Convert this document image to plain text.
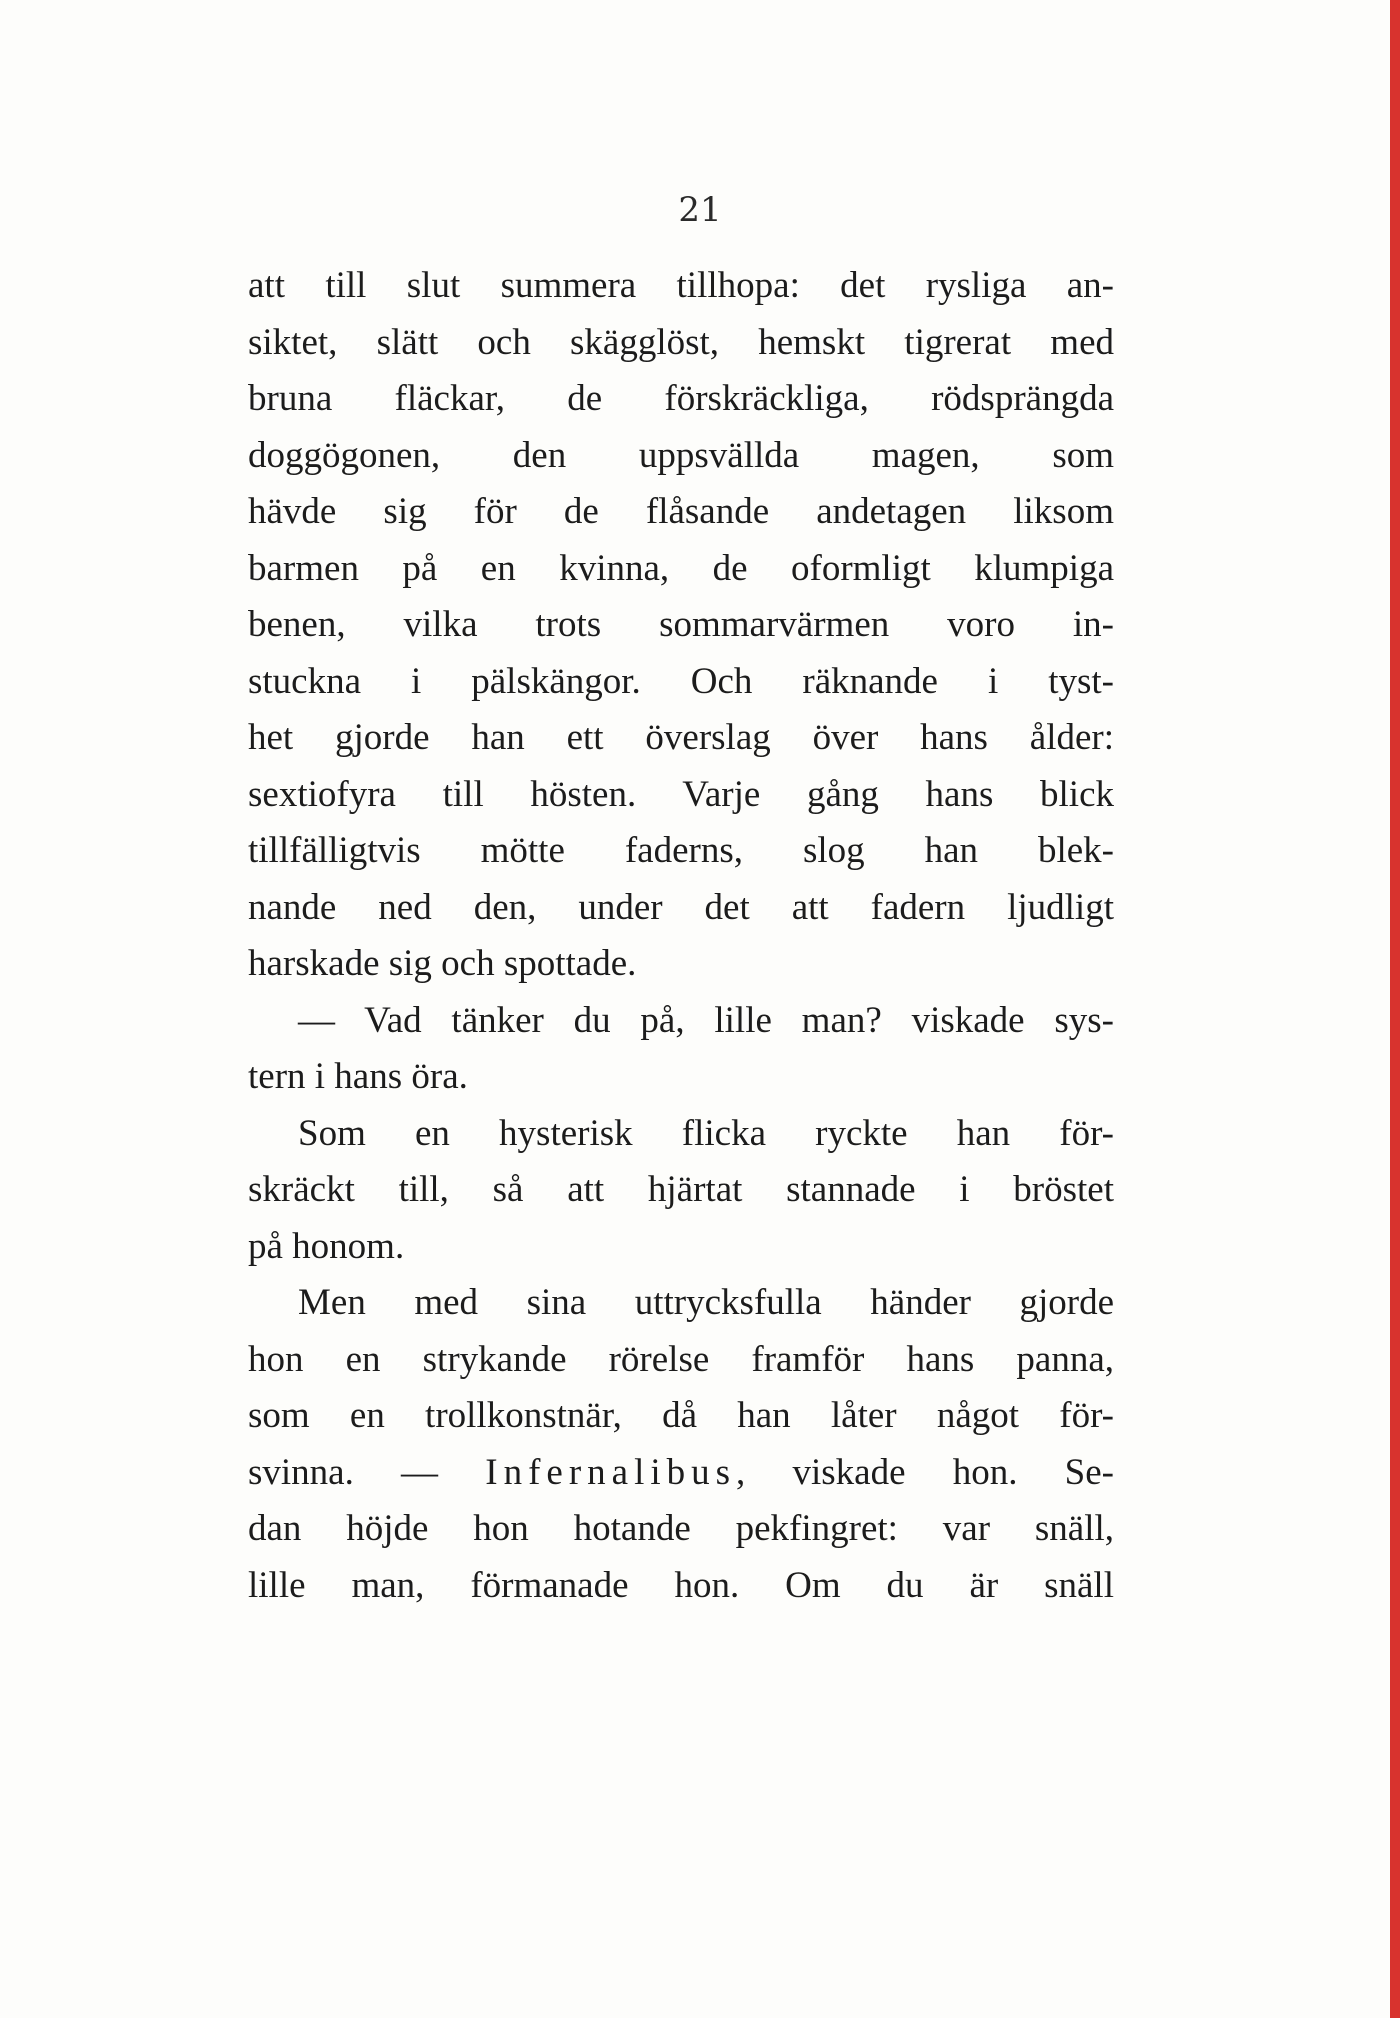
21
att till slut summera tillhopa: det rysliga an-
siktet, slätt och skägglöst, hemskt tigrerat med
bruna fläckar, de förskräckliga, rödsprängda
doggögonen, den uppsvällda magen, som
hävde sig för de flåsande andetagen liksom
barmen på en kvinna, de oformligt klumpiga
benen, vilka trots sommarvärmen voro in-
stuckna i pälskängor. Och räknande i tyst-
het gjorde han ett överslag över hans ålder:
sextiofyra till hösten. Varje gång hans blick
tillfälligtvis mötte faderns, slog han blek-
nande ned den, under det att fadern ljudligt
harskade sig och spottade.
— Vad tänker du på, lille man? viskade sys-
tern i hans öra.
Som en hysterisk flicka ryckte han för-
skräckt till, så att hjärtat stannade i bröstet
på honom.
Men med sina uttrycksfulla händer gjorde
hon en strykande rörelse framför hans panna,
som en trollkonstnär, då han låter något för-
svinna. — Infernalibus, viskade hon. Se-
dan höjde hon hotande pekfingret: var snäll,
lille man, förmanade hon. Om du är snäll
